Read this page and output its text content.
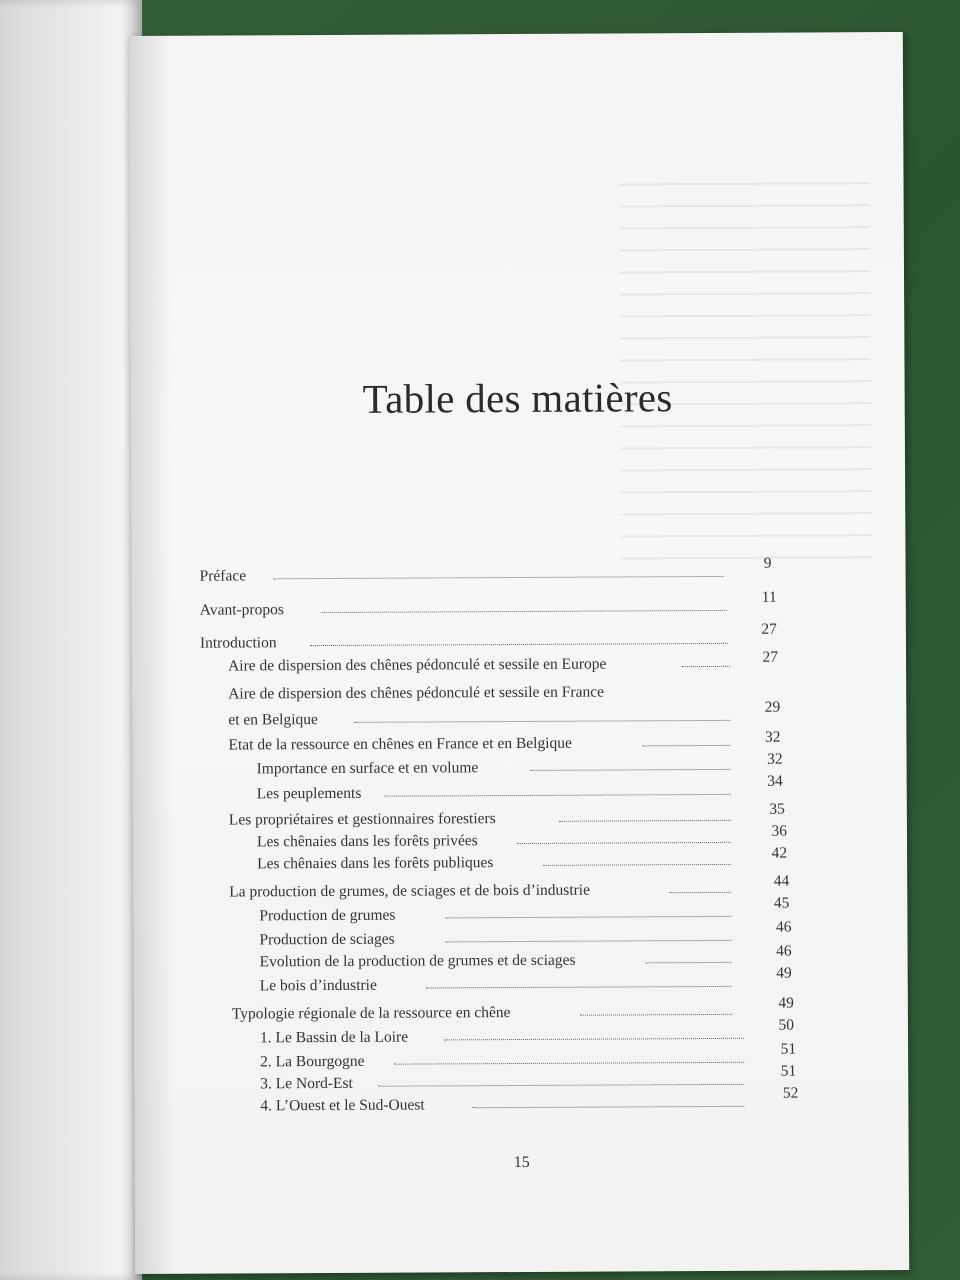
Table des matières
Préface
9
Avant-propos
11
Introduction
27
Aire de dispersion des chênes pédonculé et sessile en Europe	27
Aire de dispersion des chênes pédonculé et sessile en France
et en Belgique
29
Etat de la ressource en chênes en France et en Belgique	32
Importance en surface et en volume
32
Les peuplements
34
Les propriétaires et gestionnaires forestiers
35
Les chênaies dans les forêts privées
36
Les chênaies dans les forêts publiques
42
La production de grumes, de sciages et de bois d’industrie
44
Production de grumes
45
Production de sciages
46
Evolution de la production de grumes et de sciages
46
Le bois d’industrie
49
Typologie régionale de la ressource en chêne
49
1. Le Bassin de la Loire
50
2. La Bourgogne
51
3. Le Nord-Est
51
4. L’Ouest et le Sud-Ouest
52
15
